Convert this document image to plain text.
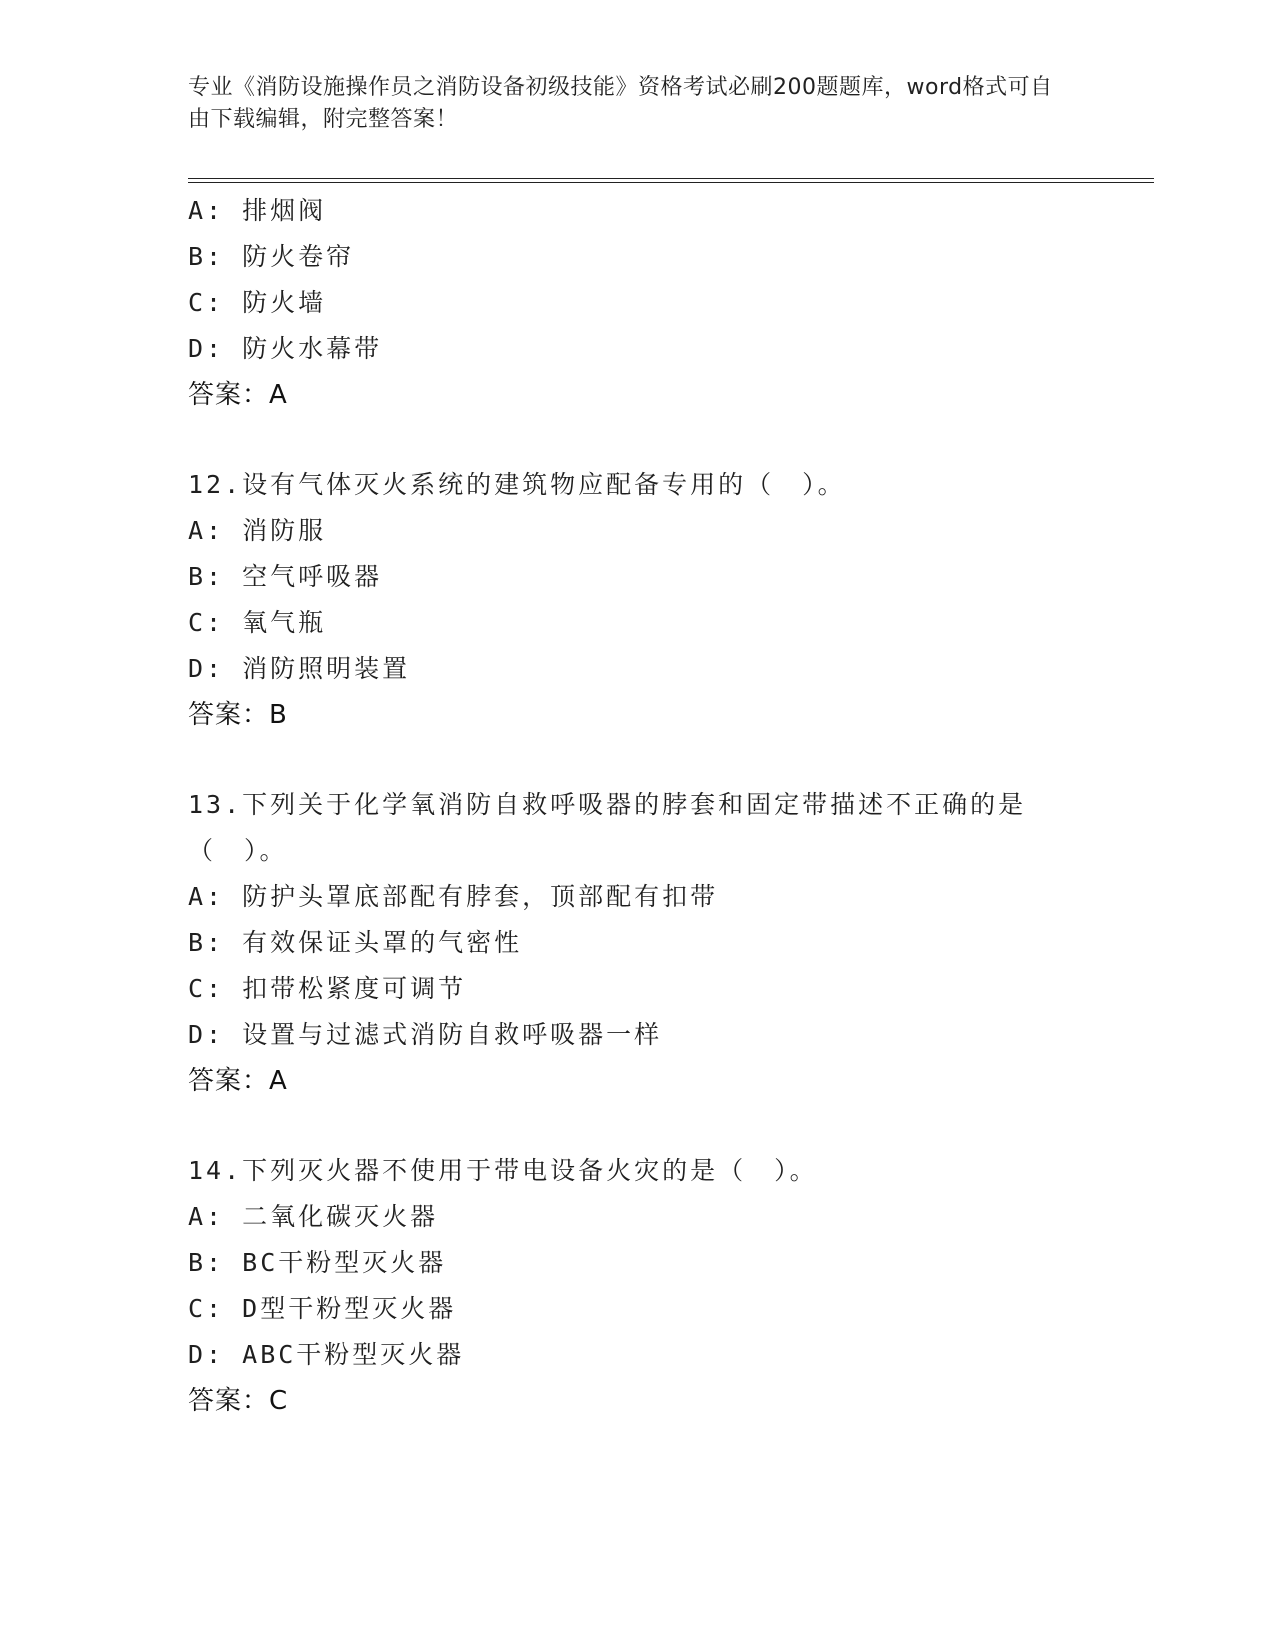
专业《消防设施操作员之消防设备初级技能》资格考试必刷200题题库，word格式可自由下载编辑，附完整答案！
A: 排烟阀
B: 防火卷帘
C: 防火墙
D: 防火水幕带
答案：A
12.设有气体灭火系统的建筑物应配备专用的（　）。
A: 消防服
B: 空气呼吸器
C: 氧气瓶
D: 消防照明装置
答案：B
13.下列关于化学氧消防自救呼吸器的脖套和固定带描述不正确的是（　）。
A: 防护头罩底部配有脖套，顶部配有扣带
B: 有效保证头罩的气密性
C: 扣带松紧度可调节
D: 设置与过滤式消防自救呼吸器一样
答案：A
14.下列灭火器不使用于带电设备火灾的是（　）。
A: 二氧化碳灭火器
B: BC干粉型灭火器
C: D型干粉型灭火器
D: ABC干粉型灭火器
答案：C
